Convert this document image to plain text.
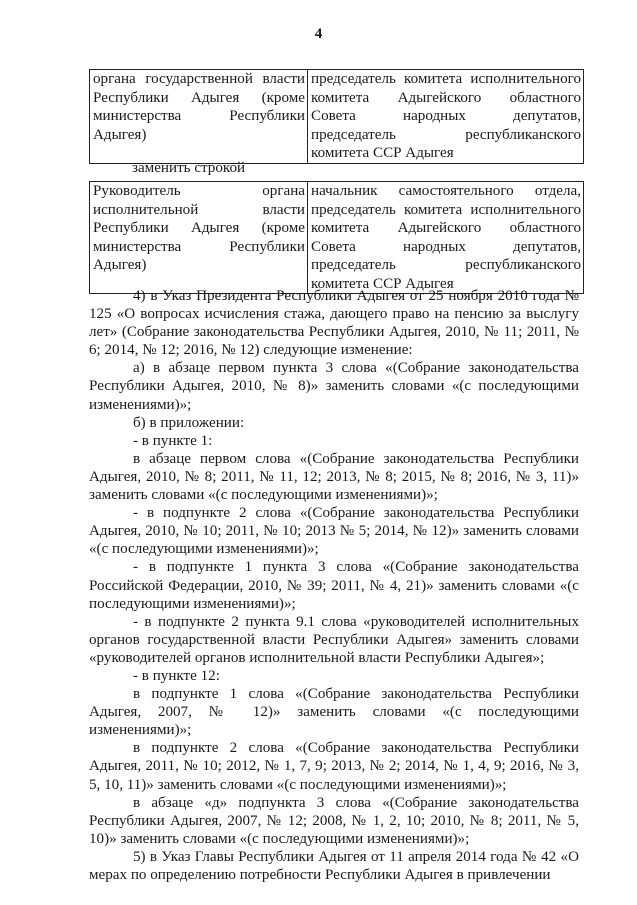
4
органа государственной власти
Республики Адыгея (кроме
министерства Республики

Адыгея)
	председатель комитета исполнительного
комитета Адыгейского областного
Совета народных депутатов,
председатель республиканского

комитета ССР Адыгея
заменить строкой
Руководитель органа
исполнительной власти
Республики Адыгея (кроме
министерства Республики

Адыгея)
	начальник самостоятельного отдела,
председатель комитета исполнительного
комитета Адыгейского областного
Совета народных депутатов,
председатель республиканского

комитета ССР Адыгея

4) в Указ Президента Республики Адыгея от 25 ноября 2010 года № 125 «О вопросах исчисления стажа, дающего право на пенсию за выслугу лет» (Собрание законодательства Республики Адыгея, 2010, № 11; 2011, № 6; 2014, № 12; 2016, № 12) следующие изменение:

а) в абзаце первом пункта 3 слова «(Собрание законодательства Республики Адыгея, 2010, № 8)» заменить словами «(с последующими изменениями)»;

б) в приложении:

- в пункте 1:

в абзаце первом слова «(Собрание законодательства Республики Адыгея, 2010, № 8; 2011, № 11, 12; 2013, № 8; 2015, № 8; 2016, № 3, 11)» заменить словами «(с последующими изменениями)»;

- в подпункте 2 слова «(Собрание законодательства Республики Адыгея, 2010, № 10; 2011, № 10; 2013 № 5; 2014, № 12)» заменить словами «(с последующими изменениями)»;

- в подпункте 1 пункта 3 слова «(Собрание законодательства Российской Федерации, 2010, № 39; 2011, № 4, 21)» заменить словами «(с последующими изменениями)»;

- в подпункте 2 пункта 9.1 слова «руководителей исполнительных органов государственной власти Республики Адыгея» заменить словами «руководителей органов исполнительной власти Республики Адыгея»;

- в пункте 12:

в подпункте 1 слова «(Собрание законодательства Республики Адыгея, 2007, № 12)» заменить словами «(с последующими изменениями)»;

в подпункте 2 слова «(Собрание законодательства Республики Адыгея, 2011, № 10; 2012, № 1, 7, 9; 2013, № 2; 2014, № 1, 4, 9; 2016, № 3, 5, 10, 11)» заменить словами «(с последующими изменениями)»;

в абзаце «д» подпункта 3 слова «(Собрание законодательства Республики Адыгея, 2007, № 12; 2008, № 1, 2, 10; 2010, № 8; 2011, № 5, 10)» заменить словами «(с последующими изменениями)»;

5) в Указ Главы Республики Адыгея от 11 апреля 2014 года № 42 «О мерах по определению потребности Республики Адыгея в привлечении
